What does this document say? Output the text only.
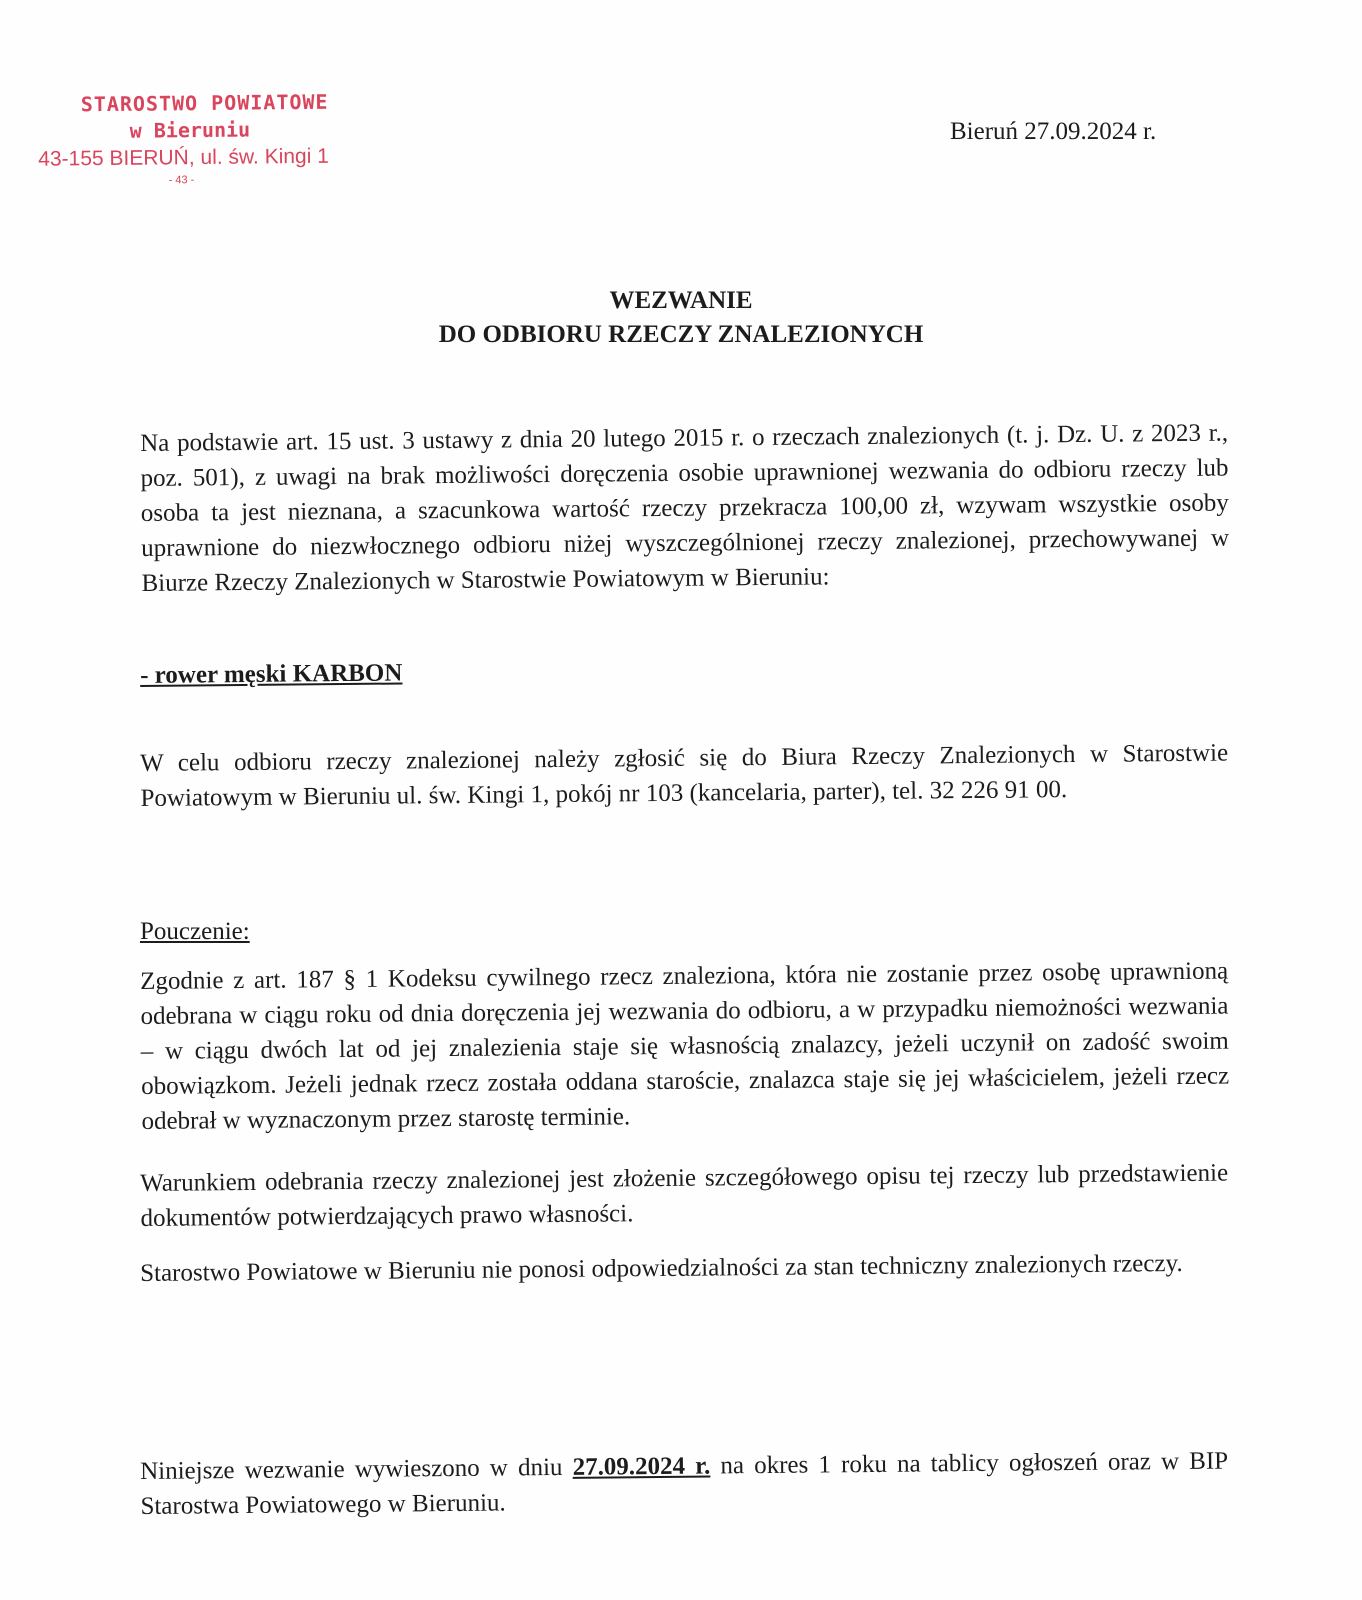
STAROSTWO POWIATOWE
w Bieruniu
43-155 BIERUŃ, ul. św. Kingi 1
- 43 -
Bieruń 27.09.2024 r.
WEZWANIE
DO ODBIORU RZECZY ZNALEZIONYCH

Na podstawie art. 15 ust. 3 ustawy z dnia 20 lutego 2015 r. o rzeczach znalezionych (t. j. Dz. U. z 2023 r., poz. 501), z uwagi na brak możliwości doręczenia osobie uprawnionej wezwania do odbioru rzeczy lub osoba ta jest nieznana, a szacunkowa wartość rzeczy przekracza 100,00 zł, wzywam wszystkie osoby uprawnione do niezwłocznego odbioru niżej wyszczególnionej rzeczy znalezionej, przechowywanej w Biurze Rzeczy Znalezionych w Starostwie Powiatowym w Bieruniu:

- rower męski KARBON

W celu odbioru rzeczy znalezionej należy zgłosić się do Biura Rzeczy Znalezionych w Starostwie Powiatowym w Bieruniu ul. św. Kingi 1, pokój nr 103 (kancelaria, parter), tel. 32 226 91 00.

Pouczenie:

Zgodnie z art. 187 § 1 Kodeksu cywilnego rzecz znaleziona, która nie zostanie przez osobę uprawnioną odebrana w ciągu roku od dnia doręczenia jej wezwania do odbioru, a w przypadku niemożności wezwania – w ciągu dwóch lat od jej znalezienia staje się własnością znalazcy, jeżeli uczynił on zadość swoim obowiązkom. Jeżeli jednak rzecz została oddana staroście, znalazca staje się jej właścicielem, jeżeli rzecz odebrał w wyznaczonym przez starostę terminie.

Warunkiem odebrania rzeczy znalezionej jest złożenie szczegółowego opisu tej rzeczy lub przedstawienie dokumentów potwierdzających prawo własności.

Starostwo Powiatowe w Bieruniu nie ponosi odpowiedzialności za stan techniczny znalezionych rzeczy.

Niniejsze wezwanie wywieszono w dniu 27.09.2024 r. na okres 1 roku na tablicy ogłoszeń oraz w BIP Starostwa Powiatowego w Bieruniu.
